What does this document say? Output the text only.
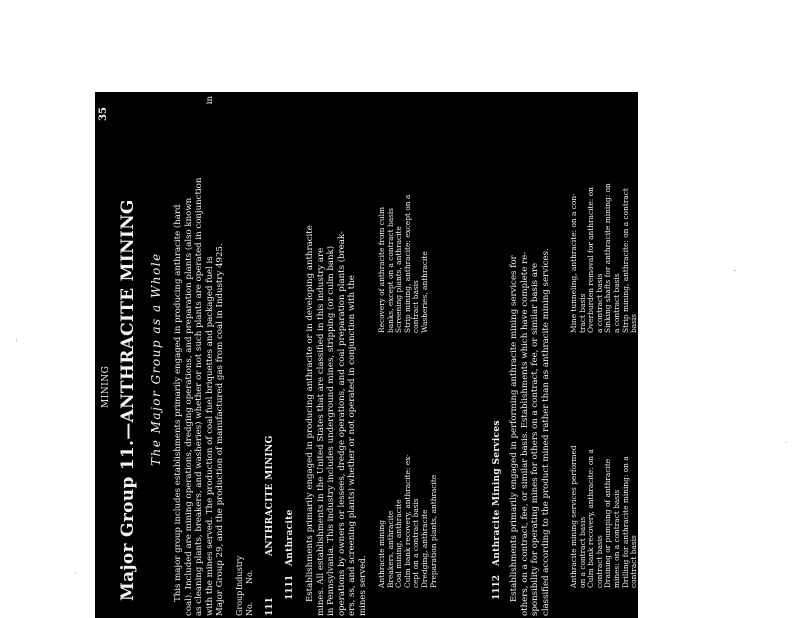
MINING
35
Major Group 11.—ANTHRACITE MINING The Major Group as a Whole This major group includes establishments primarily engaged in producing anthracite (hard coal). Included are mining operations, dredging operations, and preparation plants (also known as cleaning plants, breakers, and washeries) whether or not such plants are operated in conjunction with the mines served. The production of coal fuel briquettes and packaged fuel is
in
Major Group 29, and the production of manufactured gas from coal in Industry 4925. Group No.
Industry No.
111
ANTHRACITE MINING
1111
Anthracite Establishments primarily engaged in producing anthracite or in developing anthracite mines. All establishments in the United States that are classified in this industry are in Pennsylvania. This industry includes underground mines, stripping (or culm bank) operations by owners or lessees, dredge operations, and coal preparation plants (break- ers, ss, and screening plants) whether or not operated in conjunction with the mines served. Anthracite mining Breakers, anthracite Coal mining, anthracite Culm bank recovery, anthracite: ex- cept on a contract basis Dredging, anthracite Preparation plants, anthracite
Recovery of anthracite from culm banks, except on a contract basis Screening plants, anthracite Strip mining, anthracite: except on a contract basis Washeries, anthracite
1112
Anthracite Mining Services Establishments primarily engaged in performing anthracite mining services for others, on a contract, fee, or similar basis. Establishments which have complete re- sponsibility for operating mines for others on a contract, fee, or similar basis are classified according to the product mined rather than as anthracite mining services. Anthracite mining services performed on a contract basis Culm bank recovery, anthracite: on a contract basis Draining or pumping of anthracite mines: on a contract basis Drilling for anthracite mining: on a contract basis
Mine tunneling, anthracite: on a con- tract basis Overburden removal for anthracite: on a contract basis Sinking shafts for anthracite mining: on a contract basis Strip mining, anthracite: on a contract basis
